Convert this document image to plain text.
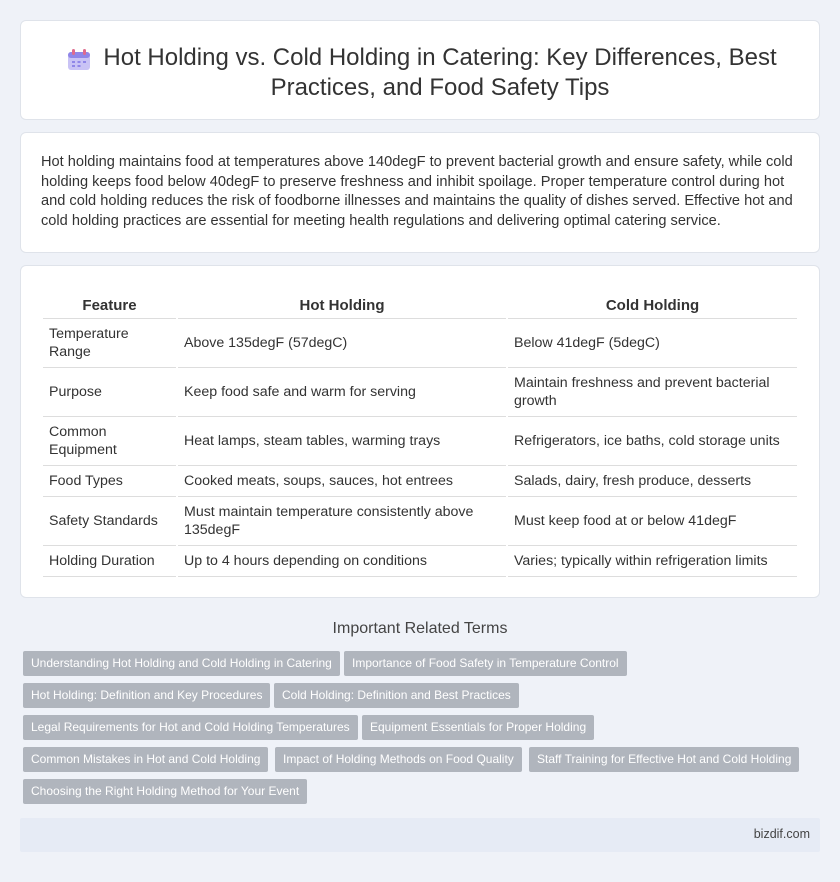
Hot Holding vs. Cold Holding in Catering: Key Differences, Best Practices, and Food Safety Tips

Hot holding maintains food at temperatures above 140degF to prevent bacterial growth and ensure safety, while cold holding keeps food below 40degF to preserve freshness and inhibit spoilage. Proper temperature control during hot and cold holding reduces the risk of foodborne illnesses and maintains the quality of dishes served. Effective hot and cold holding practices are essential for meeting health regulations and delivering optimal catering service.

Feature	Hot Holding	Cold Holding
Temperature Range	Above 135degF (57degC)	Below 41degF (5degC)
Purpose	Keep food safe and warm for serving	Maintain freshness and prevent bacterial growth
Common Equipment	Heat lamps, steam tables, warming trays	Refrigerators, ice baths, cold storage units
Food Types	Cooked meats, soups, sauces, hot entrees	Salads, dairy, fresh produce, desserts
Safety Standards	Must maintain temperature consistently above 135degF	Must keep food at or below 41degF
Holding Duration	Up to 4 hours depending on conditions	Varies; typically within refrigeration limits
Important Related Terms
Understanding Hot Holding and Cold Holding in Catering	Importance of Food Safety in Temperature Control
Hot Holding: Definition and Key Procedures	Cold Holding: Definition and Best Practices
Legal Requirements for Hot and Cold Holding Temperatures	Equipment Essentials for Proper Holding
Common Mistakes in Hot and Cold Holding	Impact of Holding Methods on Food Quality	Staff Training for Effective Hot and Cold Holding
Choosing the Right Holding Method for Your Event
bizdif.com
